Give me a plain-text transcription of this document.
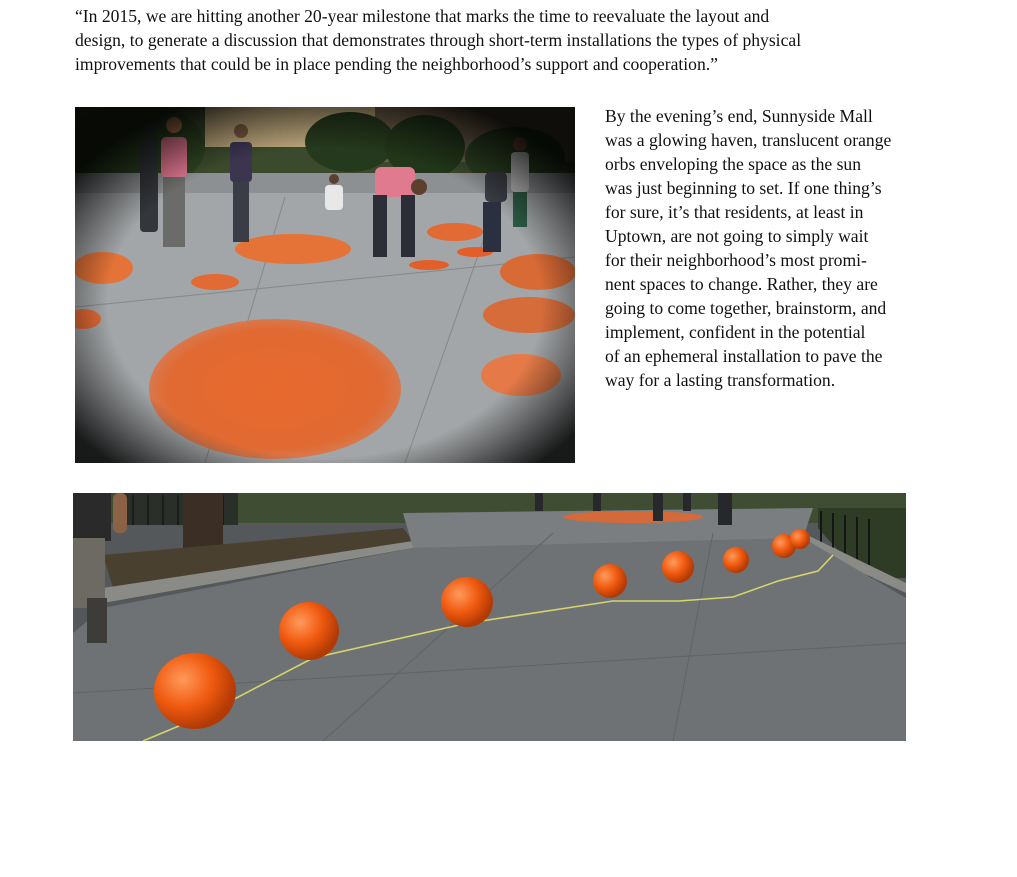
“In 2015, we are hitting another 20-year milestone that marks the time to reevaluate the layout and
design, to generate a discussion that demonstrates through short-term installations the types of physical
improvements that could be in place pending the neighborhood’s support and cooperation.”

By the evening’s end, Sunnyside Mall
was a glowing haven, translucent orange
orbs enveloping the space as the sun
was just beginning to set. If one thing’s
for sure, it’s that residents, at least in
Uptown, are not going to simply wait
for their neighborhood’s most promi-
nent spaces to change. Rather, they are
going to come together, brainstorm, and
implement, confident in the potential
of an ephemeral installation to pave the
way for a lasting transformation.
